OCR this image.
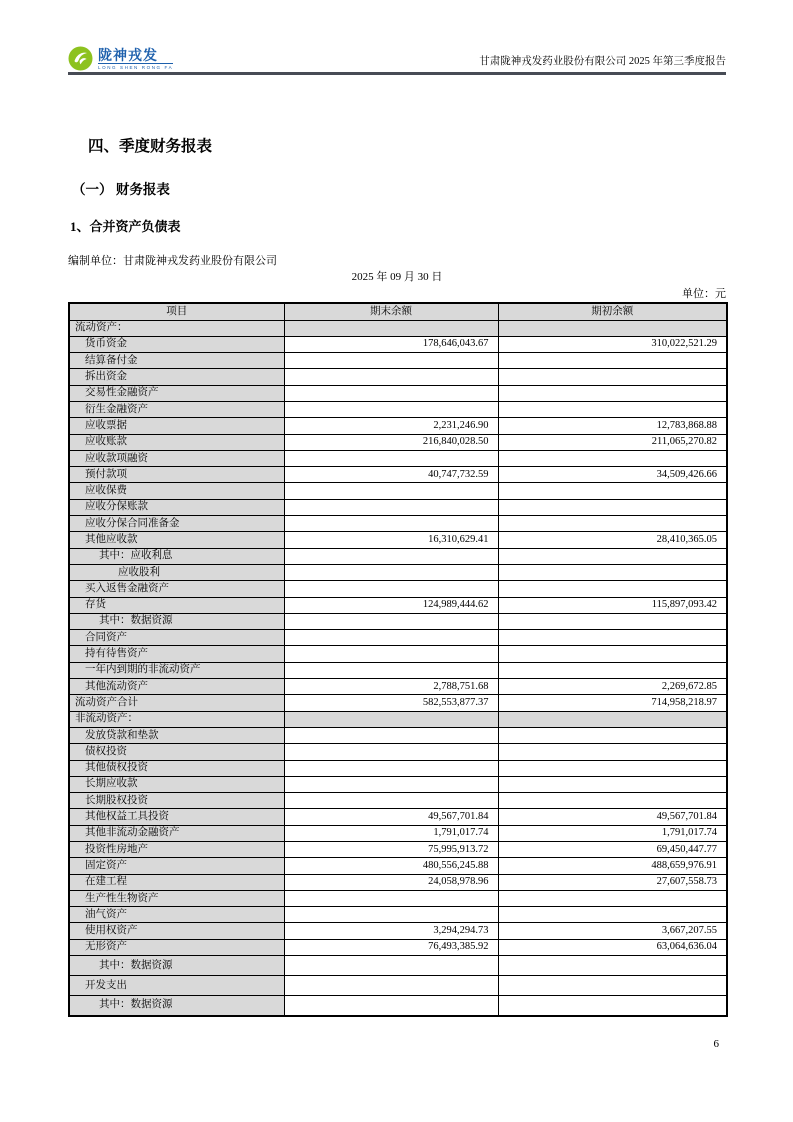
陇神戎发
LONG SHEN RONG FA
甘肃陇神戎发药业股份有限公司 2025 年第三季度报告
四、季度财务报表
（一） 财务报表
1、合并资产负债表
编制单位：甘肃陇神戎发药业股份有限公司
2025 年 09 月 30 日
单位：元
项目	期末余额	期初余额
流动资产：		
货币资金	178,646,043.67	310,022,521.29
结算备付金		
拆出资金		
交易性金融资产		
衍生金融资产		
应收票据	2,231,246.90	12,783,868.88
应收账款	216,840,028.50	211,065,270.82
应收款项融资		
预付款项	40,747,732.59	34,509,426.66
应收保费		
应收分保账款		
应收分保合同准备金		
其他应收款	16,310,629.41	28,410,365.05
其中：应收利息		
应收股利		
买入返售金融资产		
存货	124,989,444.62	115,897,093.42
其中：数据资源		
合同资产		
持有待售资产		
一年内到期的非流动资产		
其他流动资产	2,788,751.68	2,269,672.85
流动资产合计	582,553,877.37	714,958,218.97
非流动资产：		
发放贷款和垫款		
债权投资		
其他债权投资		
长期应收款		
长期股权投资		
其他权益工具投资	49,567,701.84	49,567,701.84
其他非流动金融资产	1,791,017.74	1,791,017.74
投资性房地产	75,995,913.72	69,450,447.77
固定资产	480,556,245.88	488,659,976.91
在建工程	24,058,978.96	27,607,558.73
生产性生物资产		
油气资产		
使用权资产	3,294,294.73	3,667,207.55
无形资产	76,493,385.92	63,064,636.04
其中：数据资源		
开发支出		
其中：数据资源		
6
